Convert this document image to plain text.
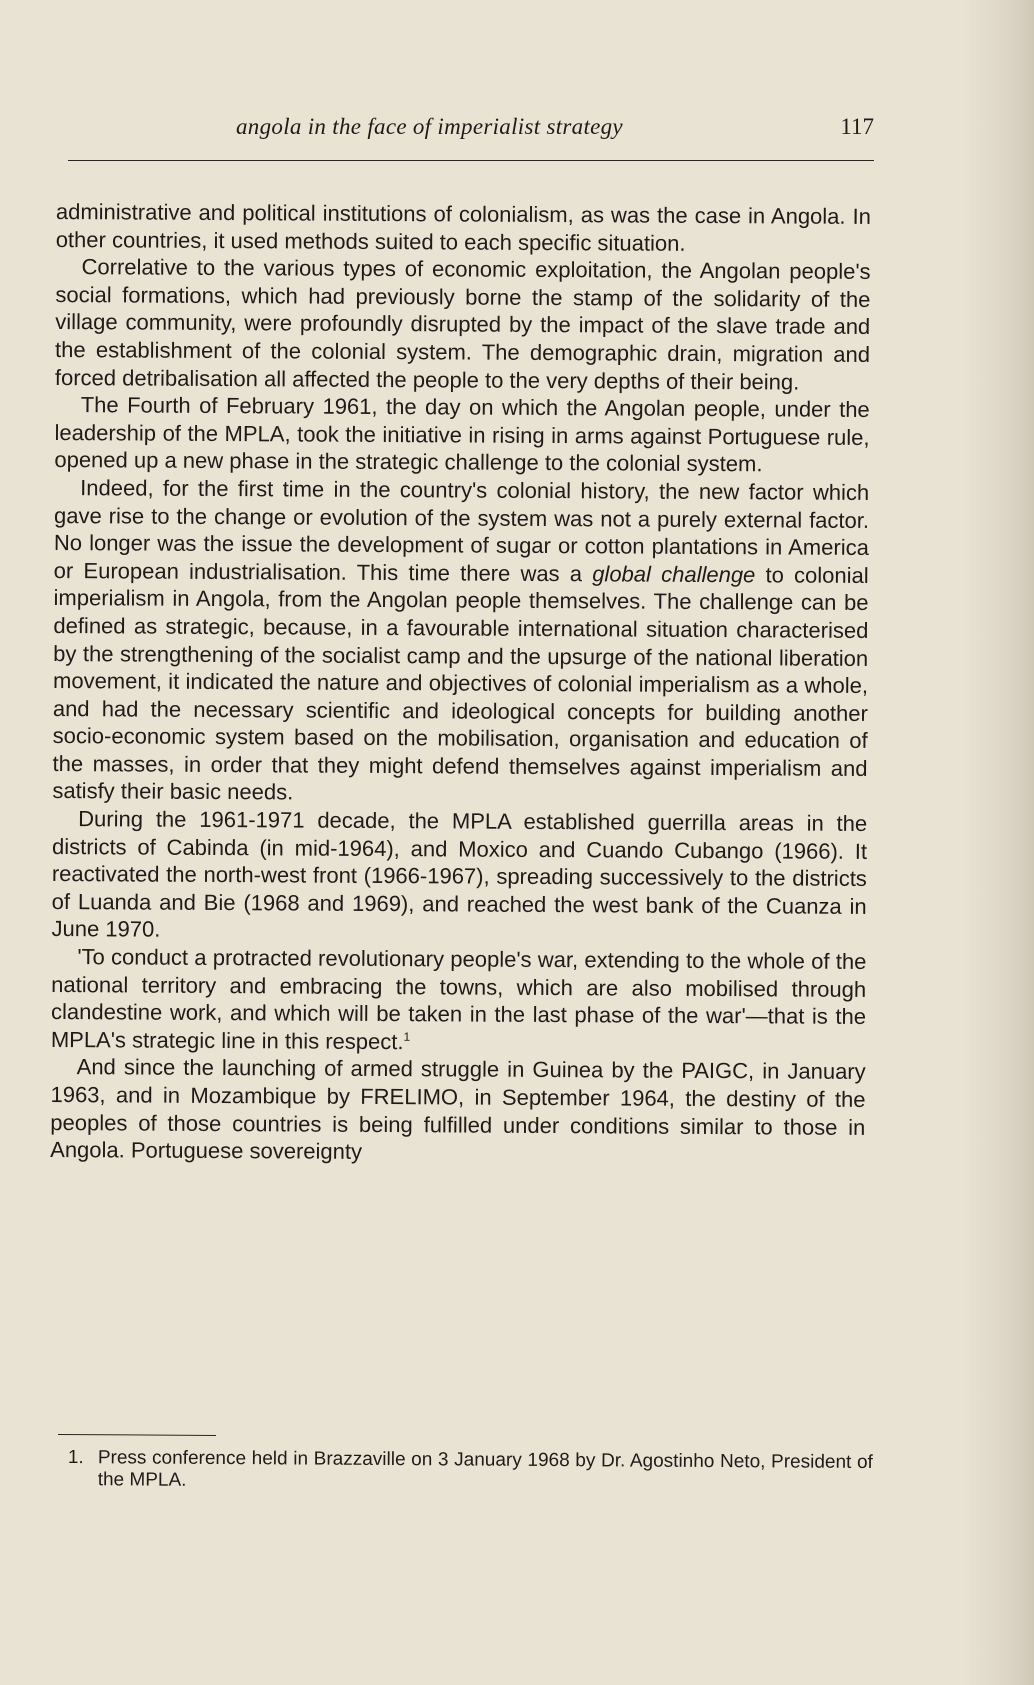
angola in the face of imperialist strategy	117

administrative and political institutions of colonialism, as was the case in Angola. In other countries, it used methods suited to each specific situation.

Correlative to the various types of economic exploitation, the Angolan people's social formations, which had previously borne the stamp of the solidarity of the village community, were profoundly disrupted by the impact of the slave trade and the establishment of the colonial system. The demographic drain, migration and forced detribalisation all affected the people to the very depths of their being.

The Fourth of February 1961, the day on which the Angolan people, under the leadership of the MPLA, took the initiative in rising in arms against Portuguese rule, opened up a new phase in the strategic challenge to the colonial system.

Indeed, for the first time in the country's colonial history, the new factor which gave rise to the change or evolution of the system was not a purely external factor. No longer was the issue the development of sugar or cotton plantations in America or European industrialisation. This time there was a global challenge to colonial imperialism in Angola, from the Angolan people themselves. The challenge can be defined as strategic, because, in a favourable international situation characterised by the strengthening of the socialist camp and the upsurge of the national liberation movement, it indicated the nature and objectives of colonial imperialism as a whole, and had the necessary scientific and ideological concepts for building another socio-economic system based on the mobilisation, organisation and education of the masses, in order that they might defend themselves against imperialism and satisfy their basic needs.

During the 1961-1971 decade, the MPLA established guerrilla areas in the districts of Cabinda (in mid-1964), and Moxico and Cuando Cubango (1966). It reactivated the north-west front (1966-1967), spreading successively to the districts of Luanda and Bie (1968 and 1969), and reached the west bank of the Cuanza in June 1970.

'To conduct a protracted revolutionary people's war, extending to the whole of the national territory and embracing the towns, which are also mobilised through clandestine work, and which will be taken in the last phase of the war'—that is the MPLA's strategic line in this respect.$^1$

And since the launching of armed struggle in Guinea by the PAIGC, in January 1963, and in Mozambique by FRELIMO, in September 1964, the destiny of the peoples of those countries is being fulfilled under conditions similar to those in Angola. Portuguese sovereignty

1. Press conference held in Brazzaville on 3 January 1968 by Dr. Agostinho Neto, President of the MPLA.
